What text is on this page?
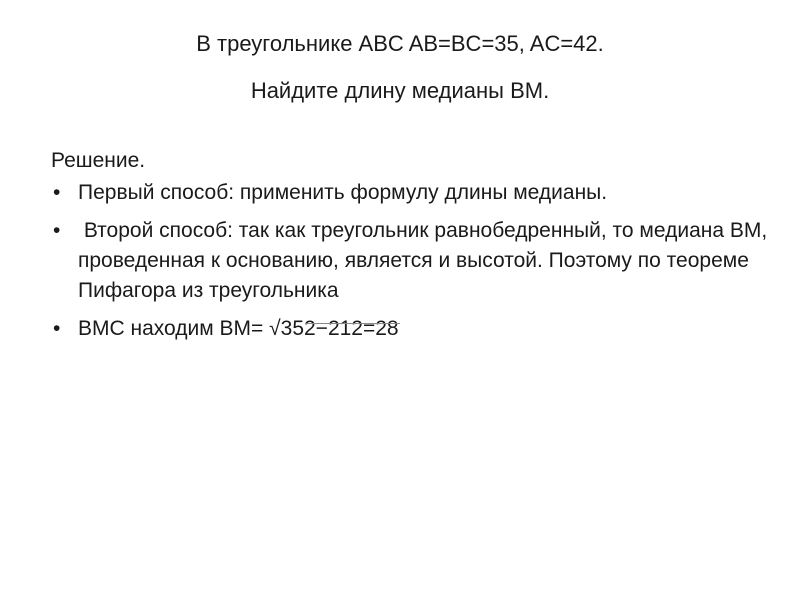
В треугольнике ABC AB=BC=35, AC=42.
Найдите длину медианы BM.
Решение.
• Первый способ: применить формулу длины медианы.
• Второй способ: так как треугольник равнобедренный, то медиана BM, проведенная к основанию, является и высотой. Поэтому по теореме Пифагора из треугольника
• BMC находим BM= √352−212=28
